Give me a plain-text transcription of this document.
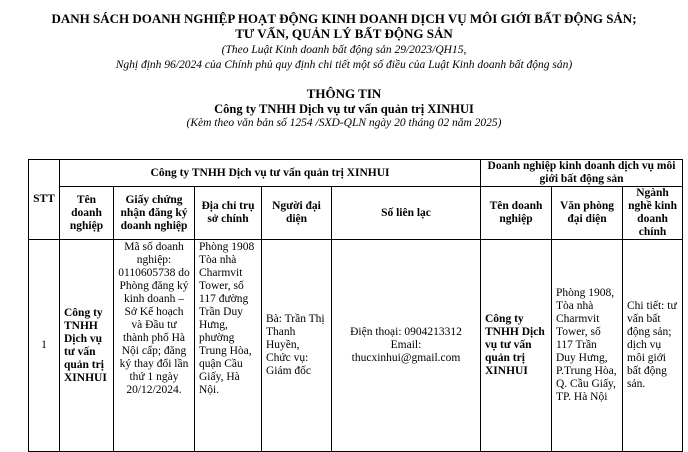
DANH SÁCH DOANH NGHIỆP HOẠT ĐỘNG KINH DOANH DỊCH VỤ MÔI GIỚI BẤT ĐỘNG SẢN;
TƯ VẤN, QUẢN LÝ BẤT ĐỘNG SẢN
(Theo Luật Kinh doanh bất động sản 29/2023/QH15,
Nghị định 96/2024 của Chính phủ quy định chi tiết một số điều của Luật Kinh doanh bất động sản)
THÔNG TIN
Công ty TNHH Dịch vụ tư vấn quản trị XINHUI
(Kèm theo văn bản số 1254 /SXD-QLN ngày 20 tháng 02 năm 2025)
STT	Công ty TNHH Dịch vụ tư vấn quản trị XINHUI					Doanh nghiệp kinh doanh dịch vụ môi giới bất động sản		
	Tên doanh nghiệp	Giấy chứng nhận đăng ký doanh nghiệp	Địa chỉ trụ sở chính	Người đại diện	Số liên lạc	Tên doanh nghiệp	Văn phòng đại diện	Ngành nghề kinh doanh chính
1	Công ty TNHH Dịch vụ tư vấn quản trị XINHUI	Mã số doanh nghiệp: 0110605738 do Phòng đăng ký kinh doanh – Sở Kế hoạch và Đầu tư thành phố Hà Nội cấp; đăng ký thay đổi lần thứ 1 ngày 20/12/2024.	Phòng 1908 Tòa nhà Charmvit Tower, số 117 đường Trần Duy Hưng, phường Trung Hòa, quận Cầu Giấy, Hà Nội.	Bà: Trần Thị Thanh Huyền, Chức vụ: Giám đốc	Điện thoại: 0904213312
Email:
thucxinhui@gmail.com	Công ty TNHH Dịch vụ tư vấn quản trị XINHUI	Phòng 1908, Tòa nhà Charmvit Tower, số 117 Trần Duy Hưng, P.Trung Hòa, Q. Cầu Giấy, TP. Hà Nội	Chi tiết: tư vấn bất động sản; dịch vụ môi giới bất động sản.
